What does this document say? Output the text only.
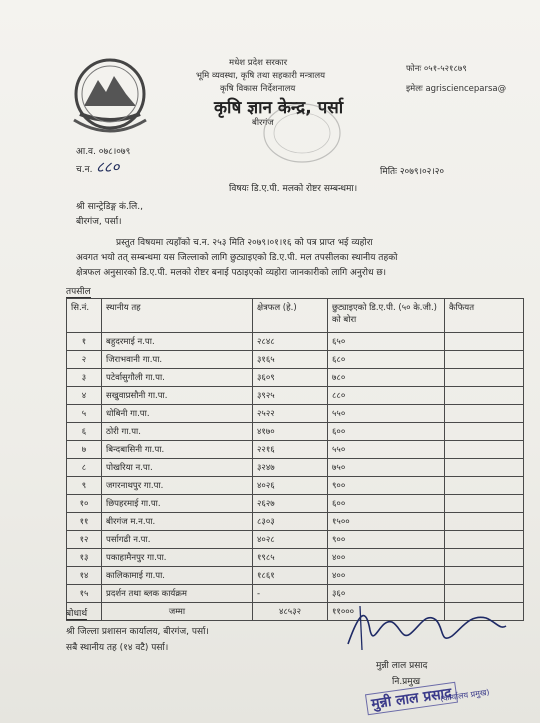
मधेश प्रदेश सरकार
भूमि व्यवस्था, कृषि तथा सहकारी मन्त्रालय
कृषि विकास निर्देशनालय
कृषि ज्ञान केन्द्र, पर्सा
बीरगंज
फोनः ०५१-५२१८७९
इमेलः agriscienceparsa@
आ.व. ०७८।०७९
च.न. ८८०	मितिः २०७९।०२।२०
विषयः डि.ए.पी. मलको रोष्टर सम्बन्धमा।
श्री सान्ट्रेडिङ्ग कं.लि.,
बीरगंज, पर्सा।
प्रस्तुत विषयमा त्यहाँको च.न. २५३ मिति २०७९।०१।१६ को पत्र प्राप्त भई व्यहोरा
अवगत भयो तत् सम्बन्धमा यस जिल्लाको लागि छुट्याइएको डि.ए.पी. मल तपसीलका स्थानीय तहको
क्षेत्रफल अनुसारको डि.ए.पी. मलको रोष्टर बनाई पठाइएको व्यहोरा जानकारीको लागि अनुरोध छ।
तपसील
सि.नं.	स्थानीय तह	क्षेत्रफल (हे.)	छुट्याइएको डि.ए.पी. (५० के.जी.) को बोरा	कैफियत
१	बहुदरमाई न.पा.	२८४८	६५०	
२	जिराभवानी गा.पा.	३१६५	६८०	
३	पटेर्वासुगौली गा.पा.	३६०९	७८०	
४	सखुवाप्रसौनी गा.पा.	३९२५	८८०	
५	धोबिनी गा.पा.	२५२२	५५०	
६	ठोरी गा.पा.	४१७०	६००	
७	बिन्दबासिनी गा.पा.	२२१६	५५०	
८	पोखरिया न.पा.	३२४७	७५०	
९	जगरनाथपुर गा.पा.	४०२६	९००	
१०	छिपहरमाई गा.पा.	२६२७	६००	
११	बीरगंज म.न.पा.	८३०३	१५००	
१२	पर्सागढी न.पा.	४०२८	९००	
१३	पकाहामैनपुर गा.पा.	१९८५	४००	
१४	कालिकामाई गा.पा.	१८६१	४००	
१५	प्रदर्शन तथा ब्लक कार्यक्रम	-	३६०	
	जम्मा	४८५३२	११०००	
बोधार्थ
श्री जिल्ला प्रशासन कार्यालय, बीरगंज, पर्सा।
सबै स्थानीय तह (१४ वटै) पर्सा।
मुन्नी लाल प्रसाद
नि.प्रमुख
मुन्नी लाल प्रसाद
(कार्यालय प्रमुख)
